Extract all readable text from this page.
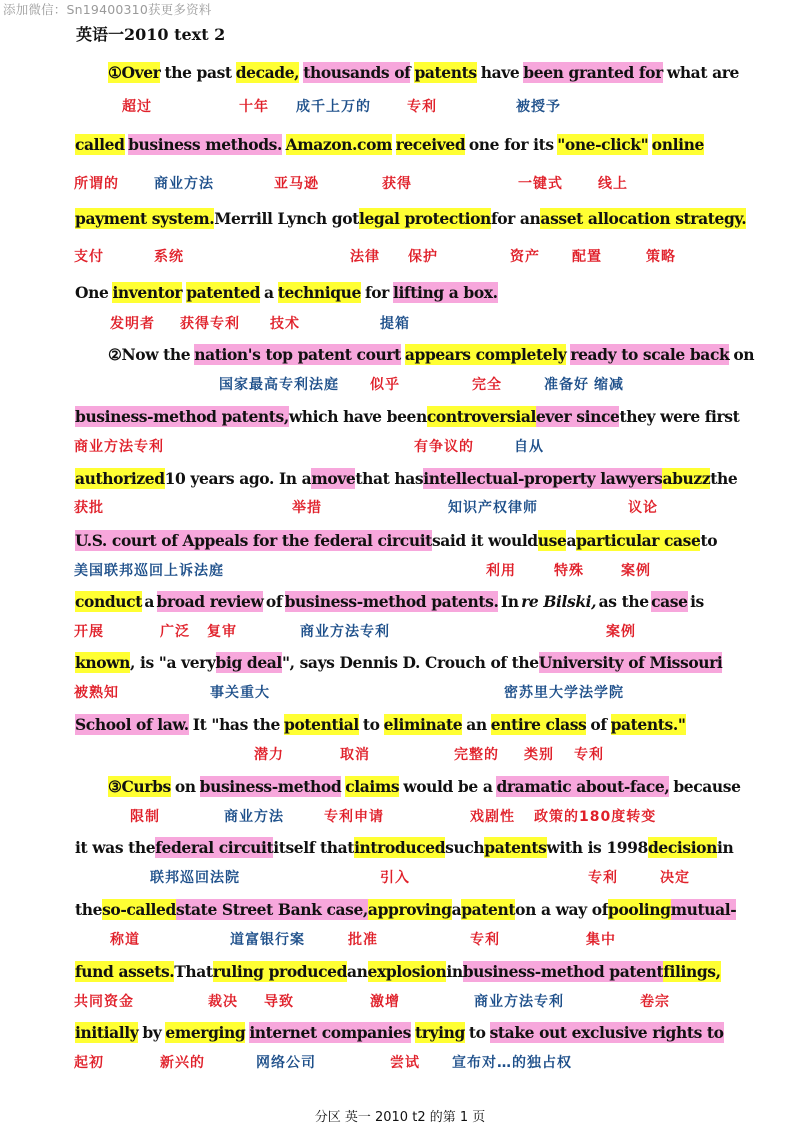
添加微信：Sn19400310获更多资料
英语一2010 text 2
①Over the past decade, thousands of patents have been granted for what are
超过	十年 成千上万的	专利	被授予
called business methods. Amazon.com received one for its "one-click" online
所谓的	商业方法	亚马逊	获得	一键式	线上
payment system. Merrill Lynch got legal protection for an asset allocation strategy.
支付	系统	法律 保护	资产 配置	策略
One inventor patented a technique for lifting a box.
发明者 获得专利 技术	提箱
②Now the nation's top patent court appears completely ready to scale back on
国家最高专利法庭 似乎	完全	准备好 缩减
business-method patents, which have been controversial ever since they were first
商业方法专利	有争议的	自从
authorized 10 years ago. In a move that has intellectual-property lawyers abuzz the
获批	举措	知识产权律师	议论
U.S. court of Appeals for the federal circuit said it would use a particular case to
美国联邦巡回上诉法庭	利用	特殊	案例
conduct a broad review of business-method patents. In re Bilski, as the case is
开展	广泛 复审	商业方法专利	案例
known , is "a very big deal ", says Dennis D. Crouch of the University of Missouri
被熟知	事关重大	密苏里大学法学院
School of law. It "has the potential to eliminate an entire class of patents."
潜力	取消	完整的 类别 专利
③Curbs on business-method claims would be a dramatic about-face, because
限制	商业方法	专利申请	戏剧性 政策的180度转变
it was the federal circuit itself that introduced such patents with is 1998 decision in
联邦巡回法院	引入	专利	决定
the so-called state Street Bank case, approving a patent on a way of pooling mutual-
称道	道富银行案	批准	专利	集中
fund assets. That ruling produced an explosion in business-method patent filings,
共同资金	裁决 导致	激增	商业方法专利	卷宗
initially by emerging internet companies trying to stake out exclusive rights to
起初	新兴的	网络公司	尝试 宣布对…的独占权
分区 英一 2010 t2 的第 1 页
